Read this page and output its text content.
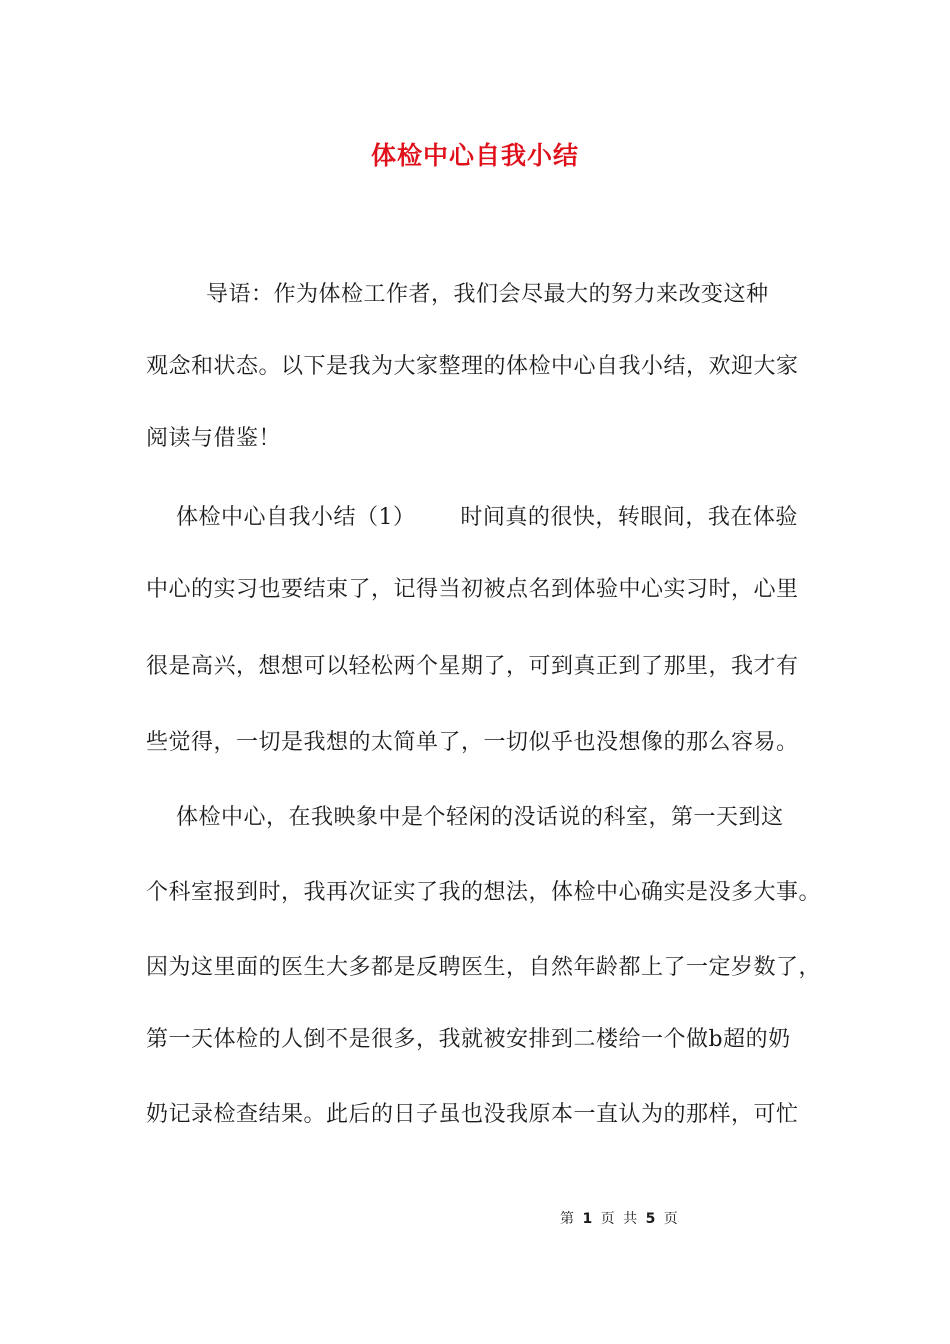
体检中心自我小结
导语：作为体检工作者，我们会尽最大的努力来改变这种
观念和状态。以下是我为大家整理的体检中心自我小结，欢迎大家
阅读与借鉴！
体检中心自我小结（1）      时间真的很快，转眼间，我在体验
中心的实习也要结束了，记得当初被点名到体验中心实习时，心里
很是高兴，想想可以轻松两个星期了，可到真正到了那里，我才有
些觉得，一切是我想的太简单了，一切似乎也没想像的那么容易。
体检中心，在我映象中是个轻闲的没话说的科室，第一天到这
个科室报到时，我再次证实了我的想法，体检中心确实是没多大事。
因为这里面的医生大多都是反聘医生，自然年龄都上了一定岁数了，
第一天体检的人倒不是很多，我就被安排到二楼给一个做b超的奶
奶记录检查结果。此后的日子虽也没我原本一直认为的那样，可忙
第 1 页 共 5 页
